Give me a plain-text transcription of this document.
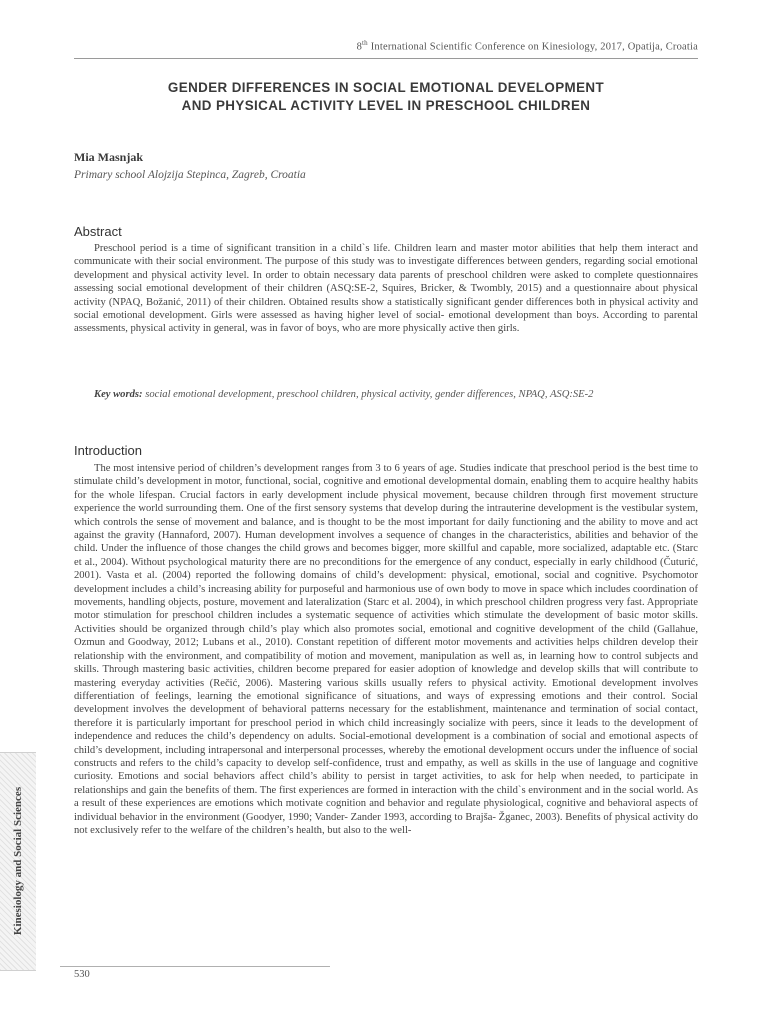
8th International Scientific Conference on Kinesiology, 2017, Opatija, Croatia
GENDER DIFFERENCES IN SOCIAL EMOTIONAL DEVELOPMENT
AND PHYSICAL ACTIVITY LEVEL IN PRESCHOOL CHILDREN
Mia Masnjak
Primary school Alojzija Stepinca, Zagreb, Croatia
Abstract

Preschool period is a time of significant transition in a child`s life. Children learn and master motor abilities that help them interact and communicate with their social environment. The purpose of this study was to investigate differences between genders, regarding social emotional development and physical activity level. In order to obtain necessary data parents of preschool children were asked to complete questionnaires assessing social emotional development of their children (ASQ:SE-2, Squires, Bricker, & Twombly, 2015) and a questionnaire about physical activity (NPAQ, Božanić, 2011) of their children. Obtained results show a statistically significant gender differences both in physical activity and social emotional development. Girls were assessed as having higher level of social- emotional development than boys. According to parental assessments, physical activity in general, was in favor of boys, who are more physically active then girls.

Key words: social emotional development, preschool children, physical activity, gender differences, NPAQ, ASQ:SE-2
Introduction

The most intensive period of children’s development ranges from 3 to 6 years of age. Studies indicate that preschool period is the best time to stimulate child’s development in motor, functional, social, cognitive and emotional developmental domain, enabling them to acquire healthy habits for the whole lifespan. Crucial factors in early development include physical movement, because children through first movement structure experience the world surrounding them. One of the first sensory systems that develop during the intrauterine development is the vestibular system, which controls the sense of movement and balance, and is thought to be the most important for daily functioning and the ability to move and act against the gravity (Hannaford, 2007). Human development involves a sequence of changes in the characteristics, abilities and behavior of the child. Under the influence of those changes the child grows and becomes bigger, more skillful and capable, more socialized, adaptable etc. (Starc et al., 2004). Without psychological maturity there are no preconditions for the emergence of any conduct, especially in early childhood (Čuturić, 2001). Vasta et al. (2004) reported the following domains of child’s development: physical, emotional, social and cognitive. Psychomotor development includes a child’s increasing ability for purposeful and harmonious use of own body to move in space which includes coordination of movements, handling objects, posture, movement and lateralization (Starc et al. 2004), in which preschool children progress very fast. Appropriate motor stimulation for preschool children includes a systematic sequence of activities which stimulate the development of basic motor skills. Activities should be organized through child’s play which also promotes social, emotional and cognitive development of the child (Gallahue, Ozmun and Goodway, 2012; Lubans et al., 2010). Constant repetition of different motor movements and activities helps children develop their relationship with the environment, and compatibility of motion and movement, manipulation as well as, in learning how to control subjects and skills. Through mastering basic activities, children become prepared for easier adoption of knowledge and develop skills that will contribute to mastering everyday activities (Rečić, 2006). Mastering various skills usually refers to physical activity. Emotional development involves differentiation of feelings, learning the emotional significance of situations, and ways of expressing emotions and their control. Social development involves the development of behavioral patterns necessary for the establishment, maintenance and termination of social contact, therefore it is particularly important for preschool period in which child increasingly socialize with peers, since it leads to the development of independence and reduces the child’s dependency on adults. Social-emotional development is a combination of social and emotional aspects of child’s development, including intrapersonal and interpersonal processes, whereby the emotional development occurs under the influence of social constructs and refers to the child’s capacity to develop self-confidence, trust and empathy, as well as skills in the use of language and cognitive curiosity. Emotions and social behaviors affect child’s ability to persist in target activities, to ask for help when needed, to participate in relationships and gain the benefits of them. The first experiences are formed in interaction with the child`s environment and in the social world. As a result of these experiences are emotions which motivate cognition and behavior and regulate physiological, cognitive and behavioral aspects of individual behavior in the environment (Goodyer, 1990; Vander- Zander 1993, according to Brajša- Žganec, 2003). Benefits of physical activity do not exclusively refer to the welfare of the children’s health, but also to the well-

Kinesiology and Social Sciences
530
